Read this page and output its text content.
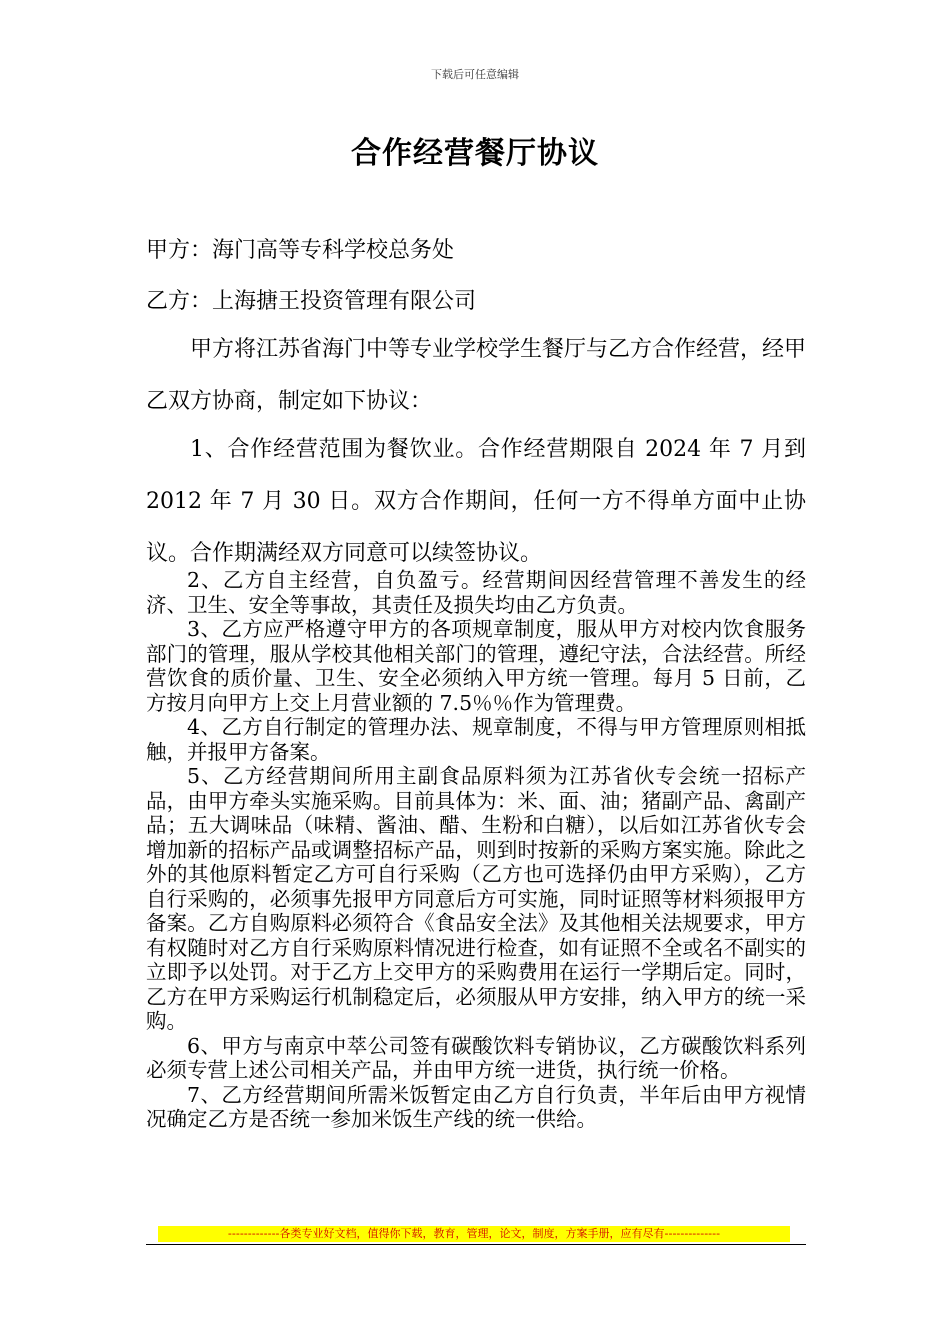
下载后可任意编辑
合作经营餐厅协议
甲方：海门高等专科学校总务处
乙方：上海搪王投资管理有限公司

甲方将江苏省海门中等专业学校学生餐厅与乙方合作经营，经甲乙双方协商，制定如下协议：

1、合作经营范围为餐饮业。合作经营期限自 2024 年 7 月到 2012 年 7 月 30 日。双方合作期间，任何一方不得单方面中止协议。合作期满经双方同意可以续签协议。

2、乙方自主经营，自负盈亏。经营期间因经营管理不善发生的经济、卫生、安全等事故，其责任及损失均由乙方负责。

3、乙方应严格遵守甲方的各项规章制度，服从甲方对校内饮食服务部门的管理，服从学校其他相关部门的管理，遵纪守法，合法经营。所经营饮食的质价量、卫生、安全必须纳入甲方统一管理。每月 5 日前，乙方按月向甲方上交上月营业额的 7.5％％作为管理费。

4、乙方自行制定的管理办法、规章制度，不得与甲方管理原则相抵触，并报甲方备案。

5、乙方经营期间所用主副食品原料须为江苏省伙专会统一招标产品，由甲方牵头实施采购。目前具体为：米、面、油；猪副产品、禽副产品；五大调味品（味精、酱油、醋、生粉和白糖），以后如江苏省伙专会增加新的招标产品或调整招标产品，则到时按新的采购方案实施。除此之外的其他原料暂定乙方可自行采购（乙方也可选择仍由甲方采购），乙方自行采购的，必须事先报甲方同意后方可实施，同时证照等材料须报甲方备案。乙方自购原料必须符合《食品安全法》及其他相关法规要求，甲方有权随时对乙方自行采购原料情况进行检查，如有证照不全或名不副实的立即予以处罚。对于乙方上交甲方的采购费用在运行一学期后定。同时，乙方在甲方采购运行机制稳定后，必须服从甲方安排，纳入甲方的统一采购。

6、甲方与南京中萃公司签有碳酸饮料专销协议，乙方碳酸饮料系列必须专营上述公司相关产品，并由甲方统一进货，执行统一价格。

7、乙方经营期间所需米饭暂定由乙方自行负责，半年后由甲方视情况确定乙方是否统一参加米饭生产线的统一供给。

-------------各类专业好文档，值得你下载，教育，管理，论文，制度，方案手册，应有尽有--------------
